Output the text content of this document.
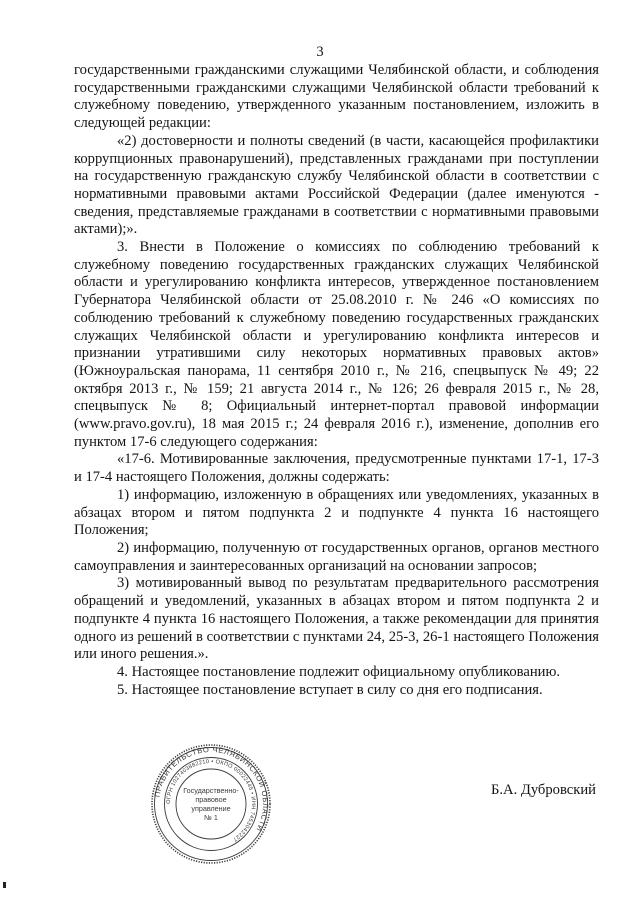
3

государственными гражданскими служащими Челябинской области, и соблюдения государственными гражданскими служащими Челябинской области требований к служебному поведению, утвержденного указанным постановлением, изложить в следующей редакции:

«2) достоверности и полноты сведений (в части, касающейся профилактики коррупционных правонарушений), представленных гражданами при поступлении на государственную гражданскую службу Челябинской области в соответствии с нормативными правовыми актами Российской Федерации (далее именуются - сведения, представляемые гражданами в соответствии с нормативными правовыми актами);».

3. Внести в Положение о комиссиях по соблюдению требований к служебному поведению государственных гражданских служащих Челябинской области и урегулированию конфликта интересов, утвержденное постановлением Губернатора Челябинской области от 25.08.2010 г. № 246 «О комиссиях по соблюдению требований к служебному поведению государственных гражданских служащих Челябинской области и урегулированию конфликта интересов и признании утратившими силу некоторых нормативных правовых актов» (Южноуральская панорама, 11 сентября 2010 г., № 216, спецвыпуск № 49; 22 октября 2013 г., № 159; 21 августа 2014 г., № 126; 26 февраля 2015 г., № 28, спецвыпуск № 8; Официальный интернет-портал правовой информации (www.pravo.gov.ru), 18 мая 2015 г.; 24 февраля 2016 г.), изменение, дополнив его пунктом 17-6 следующего содержания:

«17-6. Мотивированные заключения, предусмотренные пунктами 17-1, 17-3 и 17-4 настоящего Положения, должны содержать:

1) информацию, изложенную в обращениях или уведомлениях, указанных в абзацах втором и пятом подпункта 2 и подпункте 4 пункта 16 настоящего Положения;

2) информацию, полученную от государственных органов, органов местного самоуправления и заинтересованных организаций на основании запросов;

3) мотивированный вывод по результатам предварительного рассмотрения обращений и уведомлений, указанных в абзацах втором и пятом подпункта 2 и подпункте 4 пункта 16 настоящего Положения, а также рекомендации для принятия одного из решений в соответствии с пунктами 24, 25-3, 26-1 настоящего Положения или иного решения.».

4. Настоящее постановление подлежит официальному опубликованию.

5. Настоящее постановление вступает в силу со дня его подписания.

ПРАВИТЕЛЬСТВО ЧЕЛЯБИНСКОЙ ОБЛАСТИ
ОГРН 1027403882210 • ОКПО 00022445 • ИНН 7453042227
Государственно-
правовое
управление
№ 1
Б.А. Дубровский
